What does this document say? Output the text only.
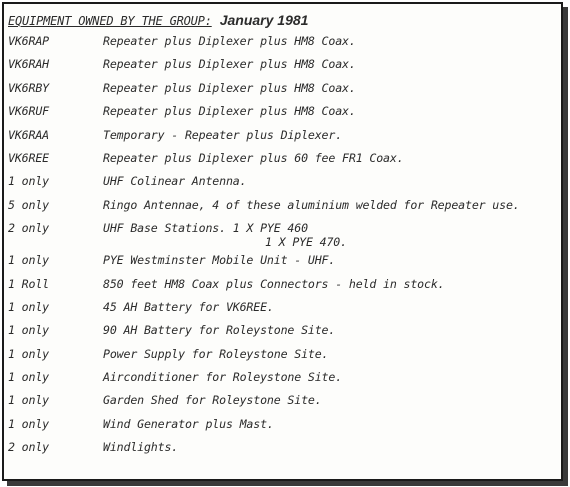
EQUIPMENT OWNED BY THE GROUP: January 1981
VK6RAP	Repeater plus Diplexer plus HM8 Coax.
VK6RAH	Repeater plus Diplexer plus HM8 Coax.
VK6RBY	Repeater plus Diplexer plus HM8 Coax.
VK6RUF	Repeater plus Diplexer plus HM8 Coax.
VK6RAA	Temporary - Repeater plus Diplexer.
VK6REE	Repeater plus Diplexer plus 60 fee FR1 Coax.
1 only	UHF Colinear Antenna.
5 only	Ringo Antennae, 4 of these aluminium welded for Repeater use.
2 only	UHF Base Stations. 1 X PYE 460
1 X PYE 470.
1 only	PYE Westminster Mobile Unit - UHF.
1 Roll	850 feet HM8 Coax plus Connectors - held in stock.
1 only	45 AH Battery for VK6REE.
1 only	90 AH Battery for Roleystone Site.
1 only	Power Supply for Roleystone Site.
1 only	Airconditioner for Roleystone Site.
1 only	Garden Shed for Roleystone Site.
1 only	Wind Generator plus Mast.
2 only	Windlights.
